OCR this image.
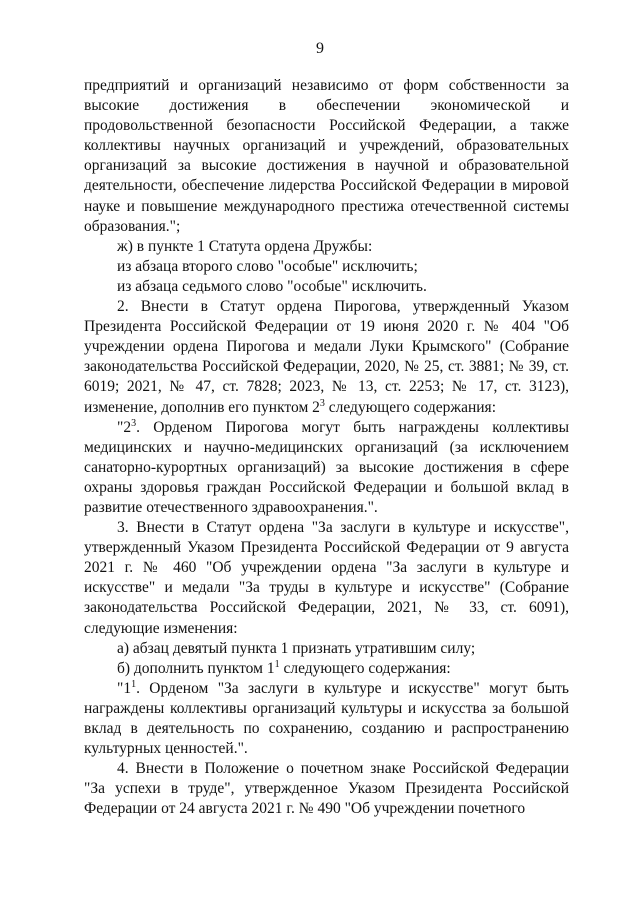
9

предприятий и организаций независимо от форм собственности за высокие достижения в обеспечении экономической и продовольственной безопасности Российской Федерации, а также коллективы научных организаций и учреждений, образовательных организаций за высокие достижения в научной и образовательной деятельности, обеспечение лидерства Российской Федерации в мировой науке и повышение международного престижа отечественной системы образования.";

ж) в пункте 1 Статута ордена Дружбы:

из абзаца второго слово "особые" исключить;

из абзаца седьмого слово "особые" исключить.

2. Внести в Статут ордена Пирогова, утвержденный Указом Президента Российской Федерации от 19 июня 2020 г. № 404 "Об учреждении ордена Пирогова и медали Луки Крымского" (Собрание законодательства Российской Федерации, 2020, № 25, ст. 3881; № 39, ст. 6019; 2021, № 47, ст. 7828; 2023, № 13, ст. 2253; № 17, ст. 3123), изменение, дополнив его пунктом $2^3$ следующего содержания:

"$2^3$. Орденом Пирогова могут быть награждены коллективы медицинских и научно-медицинских организаций (за исключением санаторно-курортных организаций) за высокие достижения в сфере охраны здоровья граждан Российской Федерации и большой вклад в развитие отечественного здравоохранения.".

3. Внести в Статут ордена "За заслуги в культуре и искусстве", утвержденный Указом Президента Российской Федерации от 9 августа 2021 г. № 460 "Об учреждении ордена "За заслуги в культуре и искусстве" и медали "За труды в культуре и искусстве" (Собрание законодательства Российской Федерации, 2021, № 33, ст. 6091), следующие изменения:

а) абзац девятый пункта 1 признать утратившим силу;

б) дополнить пунктом $1^1$ следующего содержания:

"$1^1$. Орденом "За заслуги в культуре и искусстве" могут быть награждены коллективы организаций культуры и искусства за большой вклад в деятельность по сохранению, созданию и распространению культурных ценностей.".

4. Внести в Положение о почетном знаке Российской Федерации "За успехи в труде", утвержденное Указом Президента Российской Федерации от 24 августа 2021 г. № 490 "Об учреждении почетного
